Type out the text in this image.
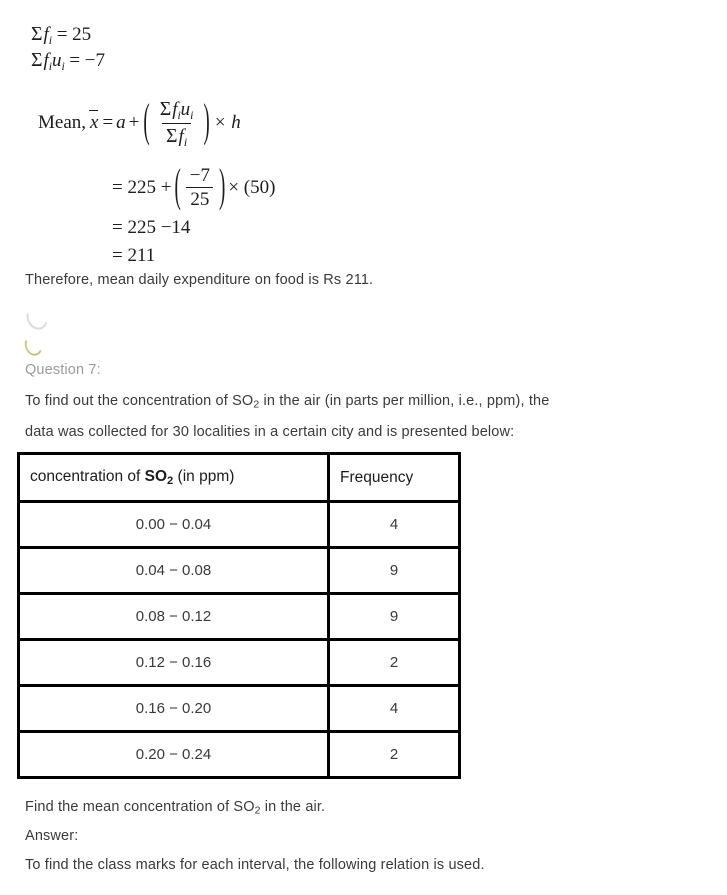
$\Sigma f_i = 25$
$\Sigma f_iu_i = -7$
Mean, x = a + ( $\frac{\Sigma f_iu_i}{\Sigma f_i}$ ) × h
= 225 + ( $\frac{-7}{25}$ ) × (50)
= 225 −14
= 211
Therefore, mean daily expenditure on food is Rs 211.
Question 7:
To find out the concentration of $SO_2$ in the air (in parts per million, i.e., ppm), the
data was collected for 30 localities in a certain city and is presented below:
concentration of $SO_2$ (in ppm)	Frequency
0.00 − 0.04	4
0.04 − 0.08	9
0.08 − 0.12	9
0.12 − 0.16	2
0.16 − 0.20	4
0.20 − 0.24	2
Find the mean concentration of $SO_2$ in the air.
Answer:
To find the class marks for each interval, the following relation is used.
